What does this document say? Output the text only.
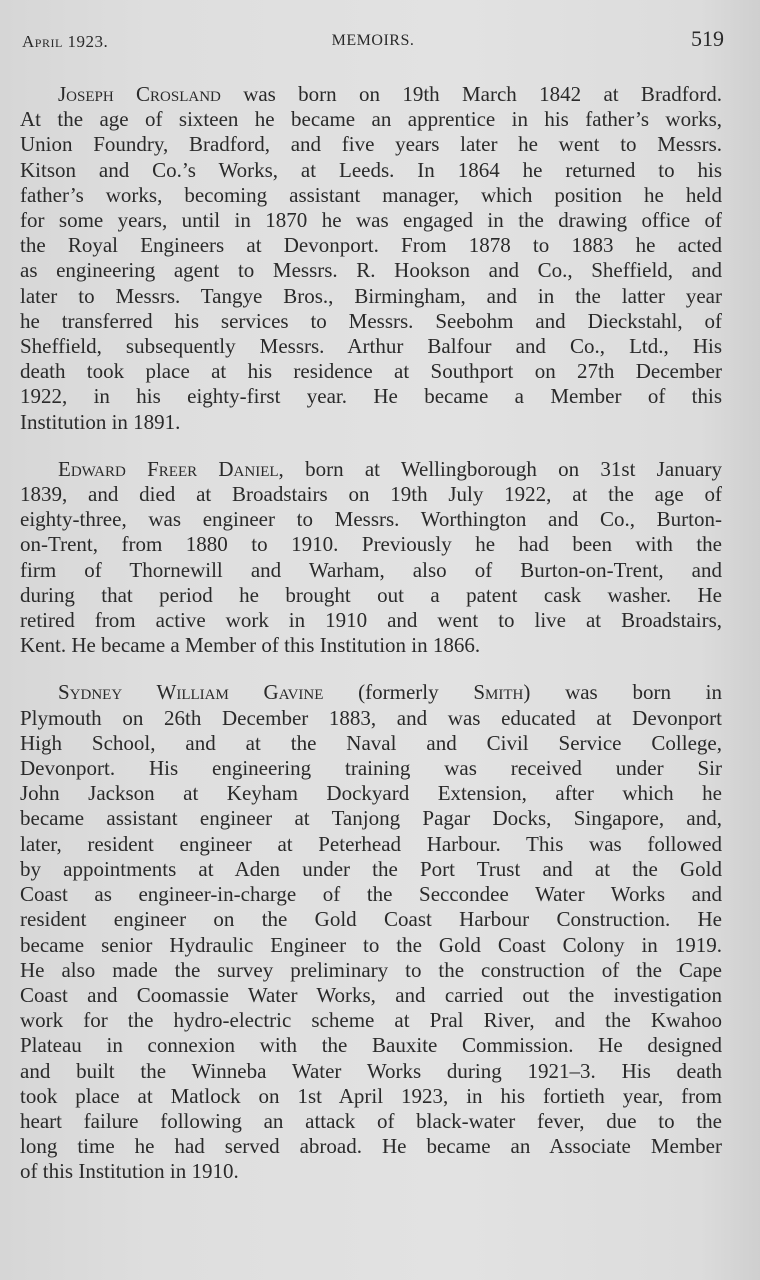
April 1923.	MEMOIRS.	519
Joseph Crosland was born on 19th March 1842 at Bradford.
At the age of sixteen he became an apprentice in his father’s works,
Union Foundry, Bradford, and five years later he went to Messrs.
Kitson and Co.’s Works, at Leeds. In 1864 he returned to his
father’s works, becoming assistant manager, which position he held
for some years, until in 1870 he was engaged in the drawing office of
the Royal Engineers at Devonport. From 1878 to 1883 he acted
as engineering agent to Messrs. R. Hookson and Co., Sheffield, and
later to Messrs. Tangye Bros., Birmingham, and in the latter year
he transferred his services to Messrs. Seebohm and Dieckstahl, of
Sheffield, subsequently Messrs. Arthur Balfour and Co., Ltd., His
death took place at his residence at Southport on 27th December
1922, in his eighty-first year. He became a Member of this
Institution in 1891.
Edward Freer Daniel, born at Wellingborough on 31st January
1839, and died at Broadstairs on 19th July 1922, at the age of
eighty-three, was engineer to Messrs. Worthington and Co., Burton-
on-Trent, from 1880 to 1910. Previously he had been with the
firm of Thornewill and Warham, also of Burton-on-Trent, and
during that period he brought out a patent cask washer. He
retired from active work in 1910 and went to live at Broadstairs,
Kent. He became a Member of this Institution in 1866.
Sydney William Gavine (formerly Smith) was born in
Plymouth on 26th December 1883, and was educated at Devonport
High School, and at the Naval and Civil Service College,
Devonport. His engineering training was received under Sir
John Jackson at Keyham Dockyard Extension, after which he
became assistant engineer at Tanjong Pagar Docks, Singapore, and,
later, resident engineer at Peterhead Harbour. This was followed
by appointments at Aden under the Port Trust and at the Gold
Coast as engineer-in-charge of the Seccondee Water Works and
resident engineer on the Gold Coast Harbour Construction. He
became senior Hydraulic Engineer to the Gold Coast Colony in 1919.
He also made the survey preliminary to the construction of the Cape
Coast and Coomassie Water Works, and carried out the investigation
work for the hydro-electric scheme at Pral River, and the Kwahoo
Plateau in connexion with the Bauxite Commission. He designed
and built the Winneba Water Works during 1921–3. His death
took place at Matlock on 1st April 1923, in his fortieth year, from
heart failure following an attack of black-water fever, due to the
long time he had served abroad. He became an Associate Member
of this Institution in 1910.
